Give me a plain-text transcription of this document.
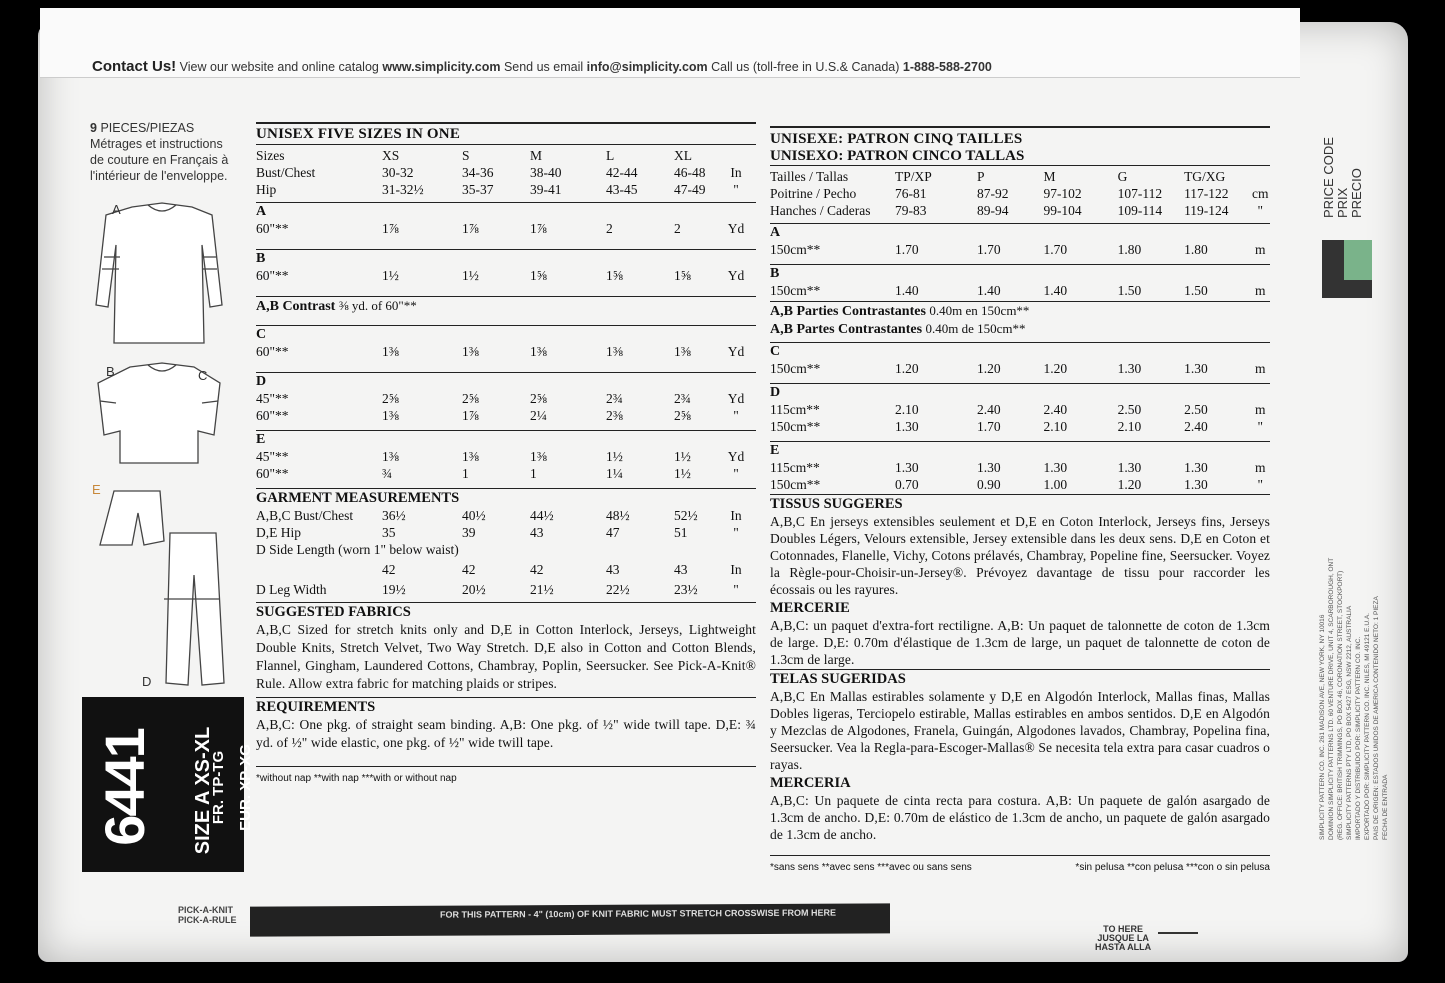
Contact Us! View our website and online catalog www.simplicity.com Send us email info@simplicity.com Call us (toll-free in U.S.& Canada) 1-888-588-2700
9 PIECES/PIEZAS
Métrages et instructions
de couture en Français à
l'intérieur de l'enveloppe.
A
B	C
E
D
6441 SIZE A XS-XL
FR. TP-TG EUR. XP-XG
UNISEX FIVE SIZES IN ONE
Sizes	XS	S	M	L	XL
Bust/Chest	30-32	34-36	38-40	42-44	46-48	In
Hip	31-32½	35-37	39-41	43-45	47-49	"
A
60"**	1⅞	1⅞	1⅞	2	2	Yd
B
60"**	1½	1½	1⅝	1⅝	1⅝	Yd
A,B Contrast ⅜ yd. of 60"**
C
60"**	1⅜	1⅜	1⅜	1⅜	1⅜	Yd
D
45"**	2⅝	2⅝	2⅝	2¾	2¾	Yd
60"**	1⅜	1⅞	2¼	2⅜	2⅝	"
E
45"**	1⅜	1⅜	1⅜	1½	1½	Yd
60"**	¾	1	1	1¼	1½	"
GARMENT MEASUREMENTS
A,B,C Bust/Chest	36½	40½	44½	48½	52½	In
D,E Hip	35	39	43	47	51	"
D Side Length (worn 1" below waist)
42	42	42	43	43	In
D Leg Width	19½	20½	21½	22½	23½	"
SUGGESTED FABRICS
A,B,C Sized for stretch knits only and D,E in Cotton Interlock, Jerseys, Lightweight Double Knits, Stretch Velvet, Two Way Stretch. D,E also in Cotton and Cotton Blends, Flannel, Gingham, Laundered Cottons, Chambray, Poplin, Seersucker. See Pick-A-Knit® Rule. Allow extra fabric for matching plaids or stripes.
REQUIREMENTS
A,B,C: One pkg. of straight seam binding. A,B: One pkg. of ½" wide twill tape. D,E: ¾ yd. of ½" wide elastic, one pkg. of ½" wide twill tape.
*without nap **with nap ***with or without nap
UNISEXE: PATRON CINQ TAILLES
UNISEXO: PATRON CINCO TALLAS
Tailles / Tallas	TP/XP	P	M	G	TG/XG
Poitrine / Pecho	76-81	87-92	97-102	107-112	117-122	cm
Hanches / Caderas	79-83	89-94	99-104	109-114	119-124	"
A
150cm**	1.70	1.70	1.70	1.80	1.80	m
B
150cm**	1.40	1.40	1.40	1.50	1.50	m
A,B Parties Contrastantes 0.40m en 150cm**
A,B Partes Contrastantes 0.40m de 150cm**
C
150cm**	1.20	1.20	1.20	1.30	1.30	m
D
115cm**	2.10	2.40	2.40	2.50	2.50	m
150cm**	1.30	1.70	2.10	2.10	2.40	"
E
115cm**	1.30	1.30	1.30	1.30	1.30	m
150cm**	0.70	0.90	1.00	1.20	1.30	"
TISSUS SUGGERES
A,B,C En jerseys extensibles seulement et D,E en Coton Interlock, Jerseys fins, Jerseys Doubles Légers, Velours extensible, Jersey extensible dans les deux sens. D,E en Coton et Cotonnades, Flanelle, Vichy, Cotons prélavés, Chambray, Popeline fine, Seersucker. Voyez la Règle-pour-Choisir-un-Jersey®. Prévoyez davantage de tissu pour raccorder les écossais ou les rayures.
MERCERIE
A,B,C: un paquet d'extra-fort rectiligne. A,B: Un paquet de talonnette de coton de 1.3cm de large. D,E: 0.70m d'élastique de 1.3cm de large, un paquet de talonnette de coton de 1.3cm de large.
TELAS SUGERIDAS
A,B,C En Mallas estirables solamente y D,E en Algodón Interlock, Mallas finas, Mallas Dobles ligeras, Terciopelo estirable, Mallas estirables en ambos sentidos. D,E en Algodón y Mezclas de Algodones, Franela, Guingán, Algodones lavados, Chambray, Popelina fina, Seersucker. Vea la Regla-para-Escoger-Mallas® Se necesita tela extra para casar cuadros o rayas.
MERCERIA
A,B,C: Un paquete de cinta recta para costura. A,B: Un paquete de galón asargado de 1.3cm de ancho. D,E: 0.70m de elástico de 1.3cm de ancho, un paquete de galón asargado de 1.3cm de ancho.
*sans sens **avec sens ***avec ou sans sens	*sin pelusa **con pelusa ***con o sin pelusa
PRICE CODE PRIX PRECIO
SIMPLICITY PATTERN CO. INC. 261 MADISON AVE, NEW YORK, NY 10016 DOMINION SIMPLICITY PATTERNS LTD. 60 VENTURE DRIVE, UNIT 4, SCARBOROUGH, ONT (REG. OFFICE: BRITISH TRIMMINGS, PO BOX 46, CORONATION STREET, STOCKPORT) SIMPLICITY PATTERNS PTY LTD, PO BOX 5427 ESG, NSW 2212, AUSTRALIA IMPORTADO Y DISTRIBUIDO POR: SIMPLICITY PATTERN CO. INC. EXPORTADO POR: SIMPLICITY PATTERN CO. INC. NILES, MI 49121 E.U.A. PAIS DE ORIGEN: ESTADOS UNIDOS DE AMERICA CONTENIDO NETO: 1 PIEZA FECHA DE ENTRADA
PICK-A-KNIT
PICK-A-RULE
FOR THIS PATTERN - 4" (10cm) OF KNIT FABRIC MUST STRETCH CROSSWISE FROM HERE
TO HERE
JUSQUE LA
HASTA ALLA
